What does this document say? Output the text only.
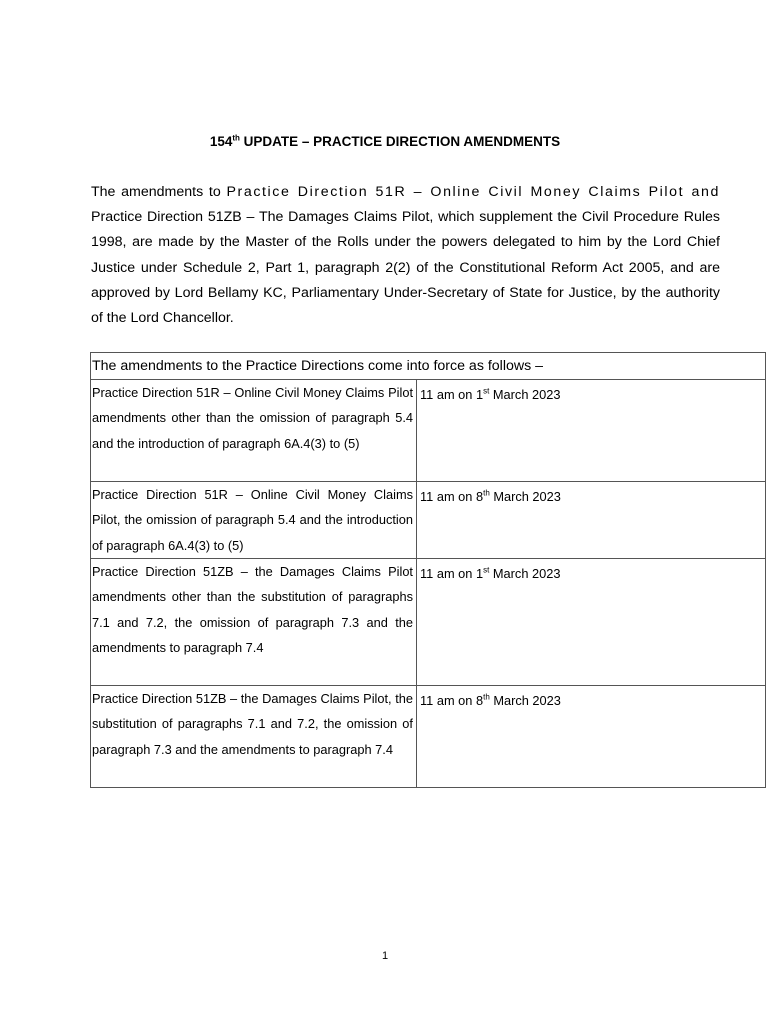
154th UPDATE – PRACTICE DIRECTION AMENDMENTS
The amendments to Practice Direction 51R – Online Civil Money Claims Pilot and Practice Direction 51ZB – The Damages Claims Pilot, which supplement the Civil Procedure Rules 1998, are made by the Master of the Rolls under the powers delegated to him by the Lord Chief Justice under Schedule 2, Part 1, paragraph 2(2) of the Constitutional Reform Act 2005, and are approved by Lord Bellamy KC, Parliamentary Under-Secretary of State for Justice, by the authority of the Lord Chancellor.
The amendments to the Practice Directions come into force as follows –	
Practice Direction 51R – Online Civil Money Claims Pilot amendments other than the omission of paragraph 5.4 and the introduction of paragraph 6A.4(3) to (5)	11 am on 1st March 2023
Practice Direction 51R – Online Civil Money Claims Pilot, the omission of paragraph 5.4 and the introduction of paragraph 6A.4(3) to (5)	11 am on 8th March 2023
Practice Direction 51ZB – the Damages Claims Pilot amendments other than the substitution of paragraphs 7.1 and 7.2, the omission of paragraph 7.3 and the amendments to paragraph 7.4	11 am on 1st March 2023
Practice Direction 51ZB – the Damages Claims Pilot, the substitution of paragraphs 7.1 and 7.2, the omission of paragraph 7.3 and the amendments to paragraph 7.4	11 am on 8th March 2023
1
